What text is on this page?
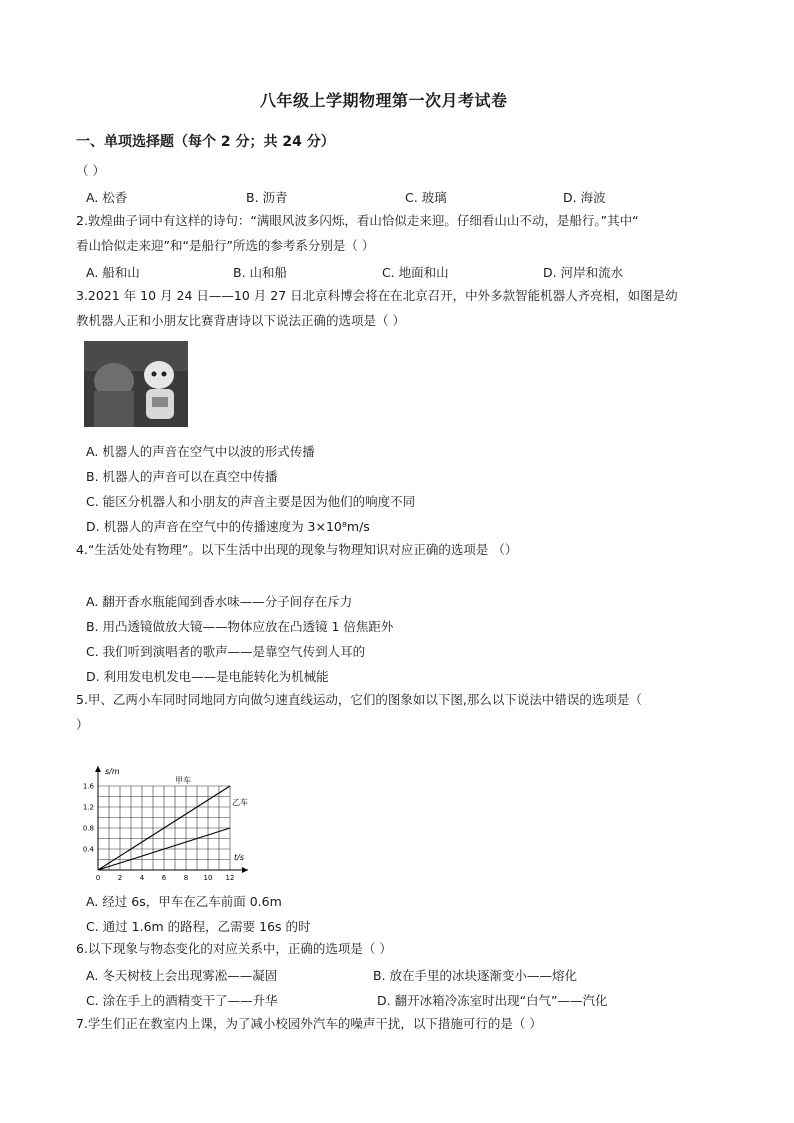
八年级上学期物理第一次月考试卷
一、单项选择题（每个 2 分；共 24 分）
（ ）
A. 松香	B. 沥青	C. 玻璃	D. 海波
2.敦煌曲子词中有这样的诗句：“满眼风波多闪烁，看山恰似走来迎。仔细看山山不动，是船行。”其中“
看山恰似走来迎”和“是船行”所选的参考系分别是（ ）
A. 船和山	B. 山和船	C. 地面和山	D. 河岸和流水
3.2021 年 10 月 24 日——10 月 27 日北京科博会将在在北京召开，中外多款智能机器人齐亮相，如图是幼
教机器人正和小朋友比赛背唐诗以下说法正确的选项是（ ）
A. 机器人的声音在空气中以波的形式传播
B. 机器人的声音可以在真空中传播
C. 能区分机器人和小朋友的声音主要是因为他们的响度不同
D. 机器人的声音在空气中的传播速度为 3×10⁸m/s
4.“生活处处有物理”。以下生活中出现的现象与物理知识对应正确的选项是 （）
A. 翻开香水瓶能闻到香水味——分子间存在斥力
B. 用凸透镜做放大镜——物体应放在凸透镜 1 倍焦距外
C. 我们听到演唱者的歌声——是靠空气传到人耳的
D. 利用发电机发电——是电能转化为机械能
5.甲、乙两小车同时同地同方向做匀速直线运动，它们的图象如以下图,那么以下说法中错误的选项是（
）
0	2	4	6	8 10 12
0.4
0.8
1.2
1.6
s/m
t/s
甲车
乙车
A. 经过 6s，甲车在乙车前面 0.6m
C. 通过 1.6m 的路程，乙需要 16s 的时
6.以下现象与物态变化的对应关系中，正确的选项是（ ）
A. 冬天树枝上会出现雾凇——凝固	B. 放在手里的冰块逐渐变小——熔化
C. 涂在手上的酒精变干了——升华	D. 翻开冰箱冷冻室时出现“白气”——汽化
7.学生们正在教室内上课，为了减小校园外汽车的噪声干扰，以下措施可行的是（ ）
